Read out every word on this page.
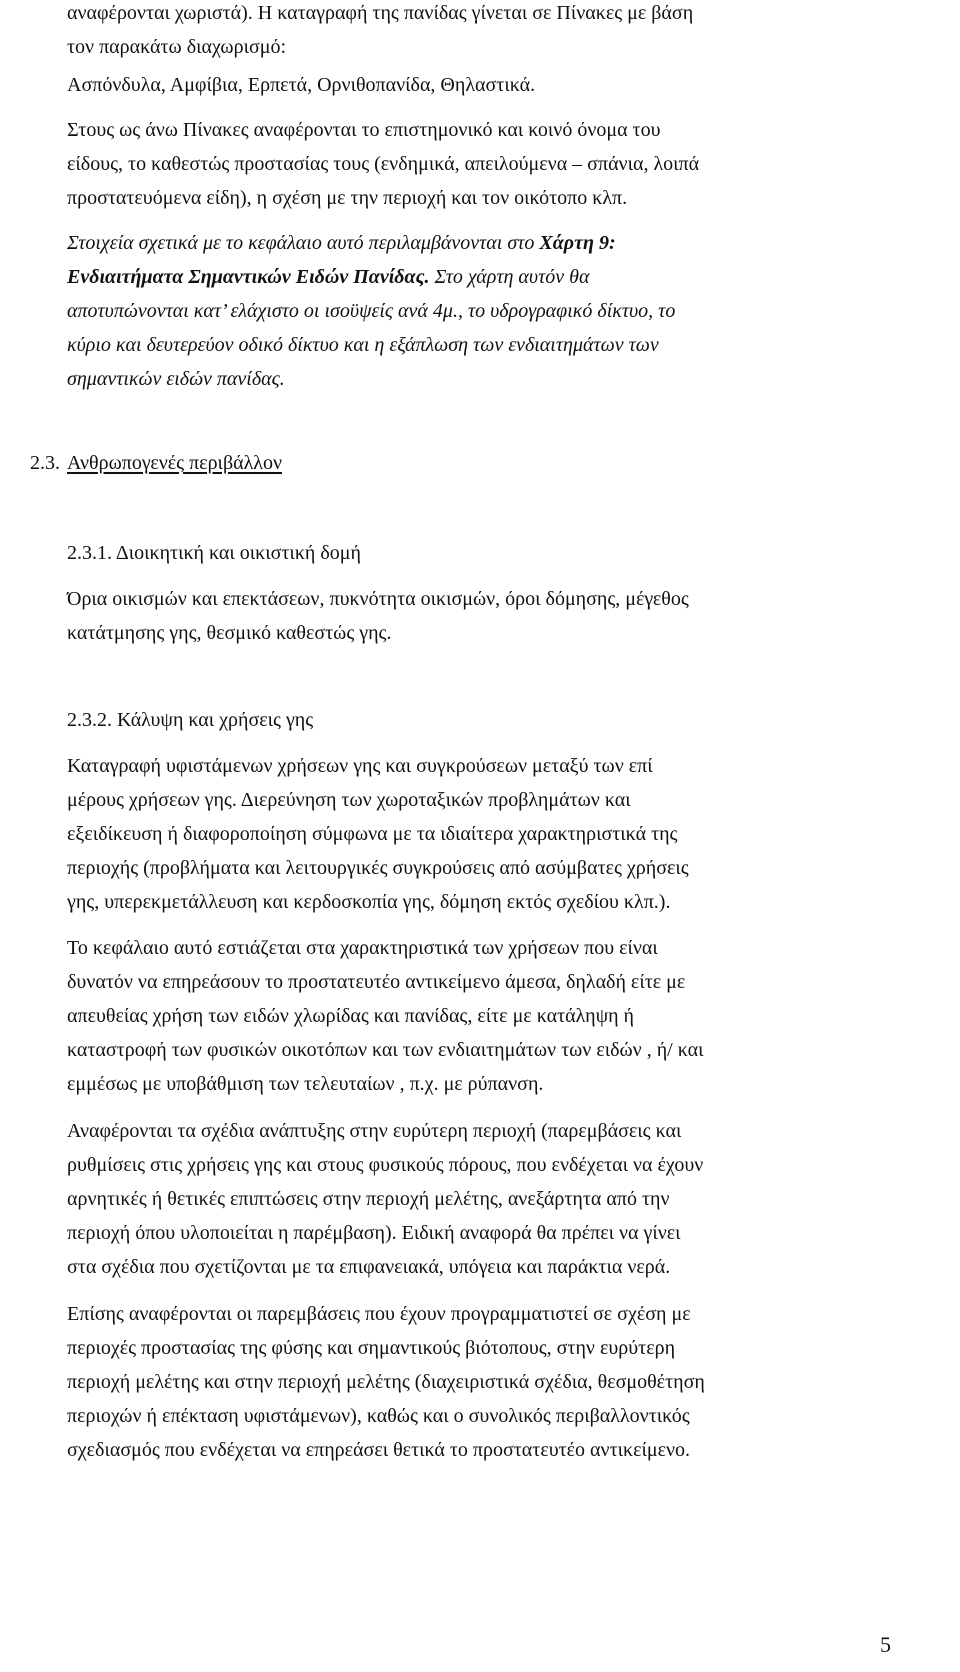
αναφέρονται χωριστά). Η καταγραφή της πανίδας γίνεται σε Πίνακες με βάση
τον παρακάτω διαχωρισμό:
Ασπόνδυλα, Αμφίβια, Ερπετά, Ορνιθοπανίδα, Θηλαστικά.
Στους ως άνω Πίνακες αναφέρονται το επιστημονικό και κοινό όνομα του
είδους, το καθεστώς προστασίας τους (ενδημικά, απειλούμενα – σπάνια, λοιπά
προστατευόμενα είδη), η σχέση με την περιοχή και τον οικότοπο κλπ.
Στοιχεία σχετικά με το κεφάλαιο αυτό περιλαμβάνονται στο Χάρτη 9:
Ενδιαιτήματα Σημαντικών Ειδών Πανίδας. Στο χάρτη αυτόν θα
αποτυπώνονται κατ’ ελάχιστο οι ισοϋψείς ανά 4μ., το υδρογραφικό δίκτυο, το
κύριο και δευτερεύον οδικό δίκτυο και η εξάπλωση των ενδιαιτημάτων των
σημαντικών ειδών πανίδας.
2.3. Ανθρωπογενές περιβάλλον
2.3.1. Διοικητική και οικιστική δομή
Όρια οικισμών και επεκτάσεων, πυκνότητα οικισμών, όροι δόμησης, μέγεθος
κατάτμησης γης, θεσμικό καθεστώς γης.
2.3.2. Κάλυψη και χρήσεις γης
Καταγραφή υφιστάμενων χρήσεων γης και συγκρούσεων μεταξύ των επί
μέρους χρήσεων γης. Διερεύνηση των χωροταξικών προβλημάτων και
εξειδίκευση ή διαφοροποίηση σύμφωνα με τα ιδιαίτερα χαρακτηριστικά της
περιοχής (προβλήματα και λειτουργικές συγκρούσεις από ασύμβατες χρήσεις
γης, υπερεκμετάλλευση και κερδοσκοπία γης, δόμηση εκτός σχεδίου κλπ.).
Το κεφάλαιο αυτό εστιάζεται στα χαρακτηριστικά των χρήσεων που είναι
δυνατόν να επηρεάσουν το προστατευτέο αντικείμενο άμεσα, δηλαδή είτε με
απευθείας χρήση των ειδών χλωρίδας και πανίδας, είτε με κατάληψη ή
καταστροφή των φυσικών οικοτόπων και των ενδιαιτημάτων των ειδών , ή/ και
εμμέσως με υποβάθμιση των τελευταίων , π.χ. με ρύπανση.
Αναφέρονται τα σχέδια ανάπτυξης στην ευρύτερη περιοχή (παρεμβάσεις και
ρυθμίσεις στις χρήσεις γης και στους φυσικούς πόρους, που ενδέχεται να έχουν
αρνητικές ή θετικές επιπτώσεις στην περιοχή μελέτης, ανεξάρτητα από την
περιοχή όπου υλοποιείται η παρέμβαση). Ειδική αναφορά θα πρέπει να γίνει
στα σχέδια που σχετίζονται με τα επιφανειακά, υπόγεια και παράκτια νερά.
Επίσης αναφέρονται οι παρεμβάσεις που έχουν προγραμματιστεί σε σχέση με
περιοχές προστασίας της φύσης και σημαντικούς βιότοπους, στην ευρύτερη
περιοχή μελέτης και στην περιοχή μελέτης (διαχειριστικά σχέδια, θεσμοθέτηση
περιοχών ή επέκταση υφιστάμενων), καθώς και ο συνολικός περιβαλλοντικός
σχεδιασμός που ενδέχεται να επηρεάσει θετικά το προστατευτέο αντικείμενο.
5
